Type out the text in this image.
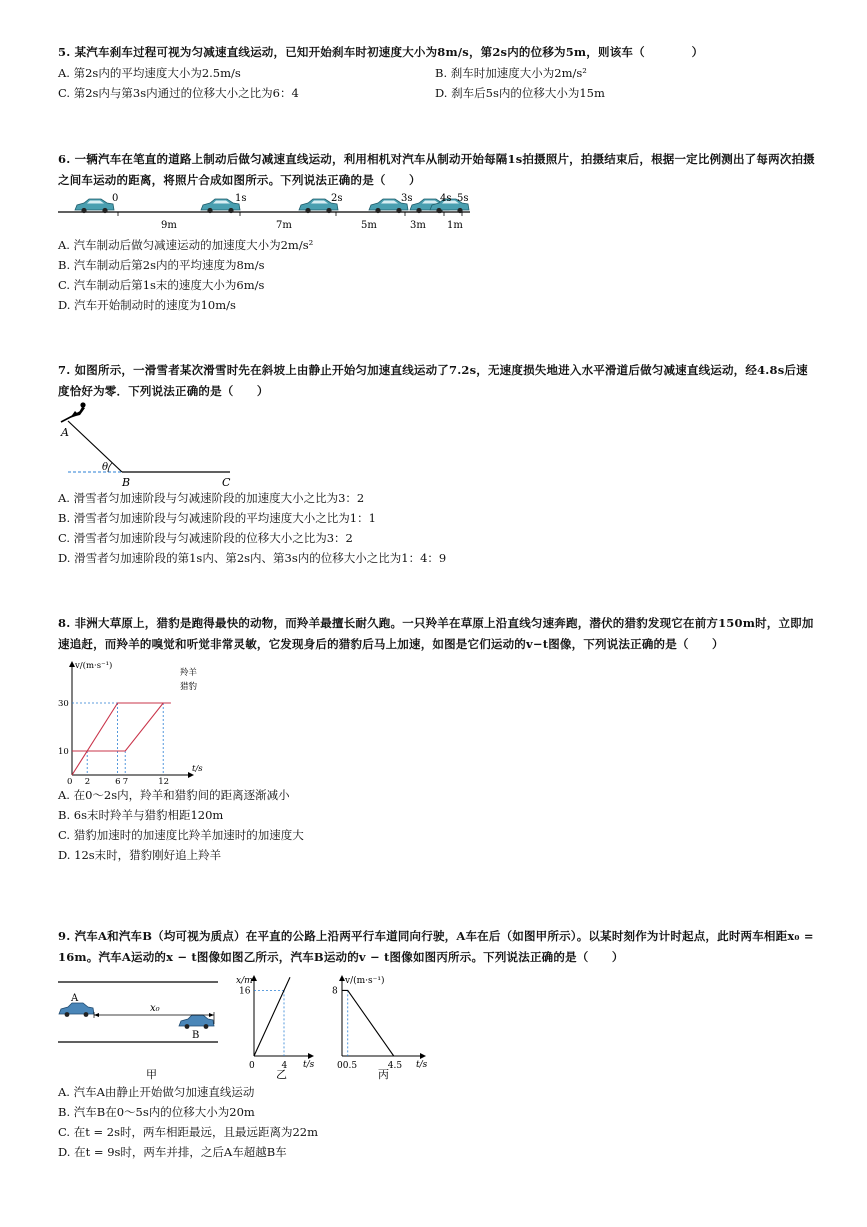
5. 某汽车刹车过程可视为匀减速直线运动，已知开始刹车时初速度大小为8m/s，第2s内的位移为5m，则该车（　　　　）

A. 第2s内的平均速度大小为2.5m/s	B. 刹车时加速度大小为2m/s²

C. 第2s内与第3s内通过的位移大小之比为6：4	D. 刹车后5s内的位移大小为15m

6. 一辆汽车在笔直的道路上制动后做匀减速直线运动，利用相机对汽车从制动开始每隔1s拍摄照片，拍摄结束后，根据一定比例测出了每两次拍摄之间车运动的距离，将照片合成如图所示。下列说法正确的是（　　）

0	1s	2s	3s	4s 5s
9m	7m	5m	3m 1m

A. 汽车制动后做匀减速运动的加速度大小为2m/s²

B. 汽车制动后第2s内的平均速度为8m/s

C. 汽车制动后第1s末的速度大小为6m/s

D. 汽车开始制动时的速度为10m/s

7. 如图所示，一滑雪者某次滑雪时先在斜坡上由静止开始匀加速直线运动了7.2s，无速度损失地进入水平滑道后做匀减速直线运动，经4.8s后速度恰好为零．下列说法正确的是（　　）

A
B	C
θ

A. 滑雪者匀加速阶段与匀减速阶段的加速度大小之比为3：2

B. 滑雪者匀加速阶段与匀减速阶段的平均速度大小之比为1：1

C. 滑雪者匀加速阶段与匀减速阶段的位移大小之比为3：2

D. 滑雪者匀加速阶段的第1s内、第2s内、第3s内的位移大小之比为1：4：9

8. 非洲大草原上，猎豹是跑得最快的动物，而羚羊最擅长耐久跑。一只羚羊在草原上沿直线匀速奔跑，潜伏的猎豹发现它在前方150m时，立即加速追赶，而羚羊的嗅觉和听觉非常灵敏，它发现身后的猎豹后马上加速，如图是它们运动的v−t图像，下列说法正确的是（　　）

v/(m·s⁻¹)
t/s
0 2	6 7	12
10
30
羚羊
猎豹

A. 在0～2s内，羚羊和猎豹间的距离逐渐减小

B. 6s末时羚羊与猎豹相距120m

C. 猎豹加速时的加速度比羚羊加速时的加速度大

D. 12s末时，猎豹刚好追上羚羊

9. 汽车A和汽车B（均可视为质点）在平直的公路上沿两平行车道同向行驶，A车在后（如图甲所示）。以某时刻作为计时起点，此时两车相距x₀ = 16m。汽车A运动的x − t图像如图乙所示，汽车B运动的v − t图像如图丙所示。下列说法正确的是（　　）

A
B
x₀
甲
x/m
t/s
16
0	4
乙
v/(m·s⁻¹)
t/s
8
0 0.5	4.5
丙

A. 汽车A由静止开始做匀加速直线运动

B. 汽车B在0～5s内的位移大小为20m

C. 在t = 2s时，两车相距最远，且最远距离为22m

D. 在t = 9s时，两车并排，之后A车超越B车
